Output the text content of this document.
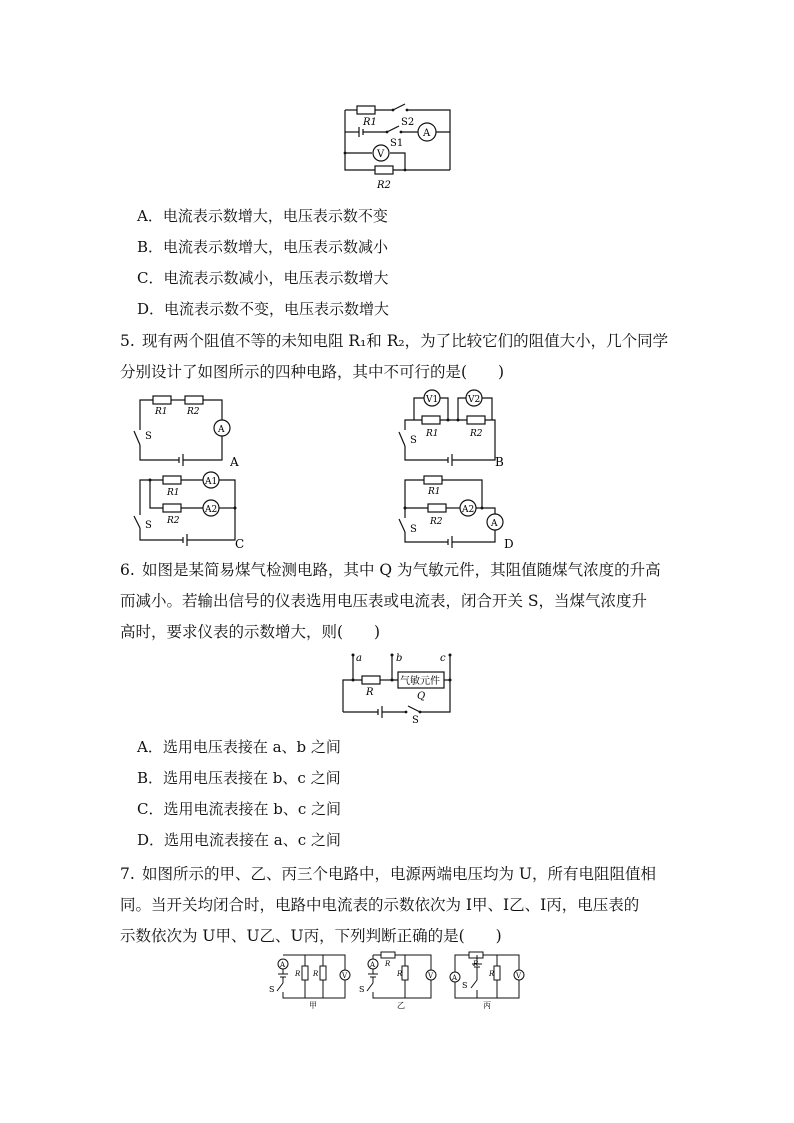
R1 S2
A
S1
V
R2
A．电流表示数增大，电压表示数不变
B．电流表示数增大，电压表示数减小
C．电流表示数减小，电压表示数增大
D．电流表示数不变，电压表示数增大
5. 现有两个阻值不等的未知电阻 R₁和 R₂，为了比较它们的阻值大小，几个同学
分别设计了如图所示的四种电路，其中不可行的是(　　)
R1 R2
A
S
A
V1	V2
R1	R2
S
B
R1
A1
R2
A2
S
C
R1
A2
R2	A
S
D
6. 如图是某简易煤气检测电路，其中 Q 为气敏元件，其阻值随煤气浓度的升高
而减小。若输出信号的仪表选用电压表或电流表，闭合开关 S，当煤气浓度升
高时，要求仪表的示数增大，则(　　)
a	b	c
R
气敏元件
Q
S
A．选用电压表接在 a、b 之间
B．选用电压表接在 b、c 之间
C．选用电流表接在 b、c 之间
D．选用电流表接在 a、c 之间
7. 如图所示的甲、乙、丙三个电路中，电源两端电压均为 U，所有电阻阻值相
同。当开关均闭合时，电路中电流表的示数依次为 I甲、I乙、I丙，电压表的
示数依次为 U甲、U乙、U丙，下列判断正确的是(　　)
A
S
R R	V
甲
A
S
R
R	V
乙
A
S
R
R	V
丙
